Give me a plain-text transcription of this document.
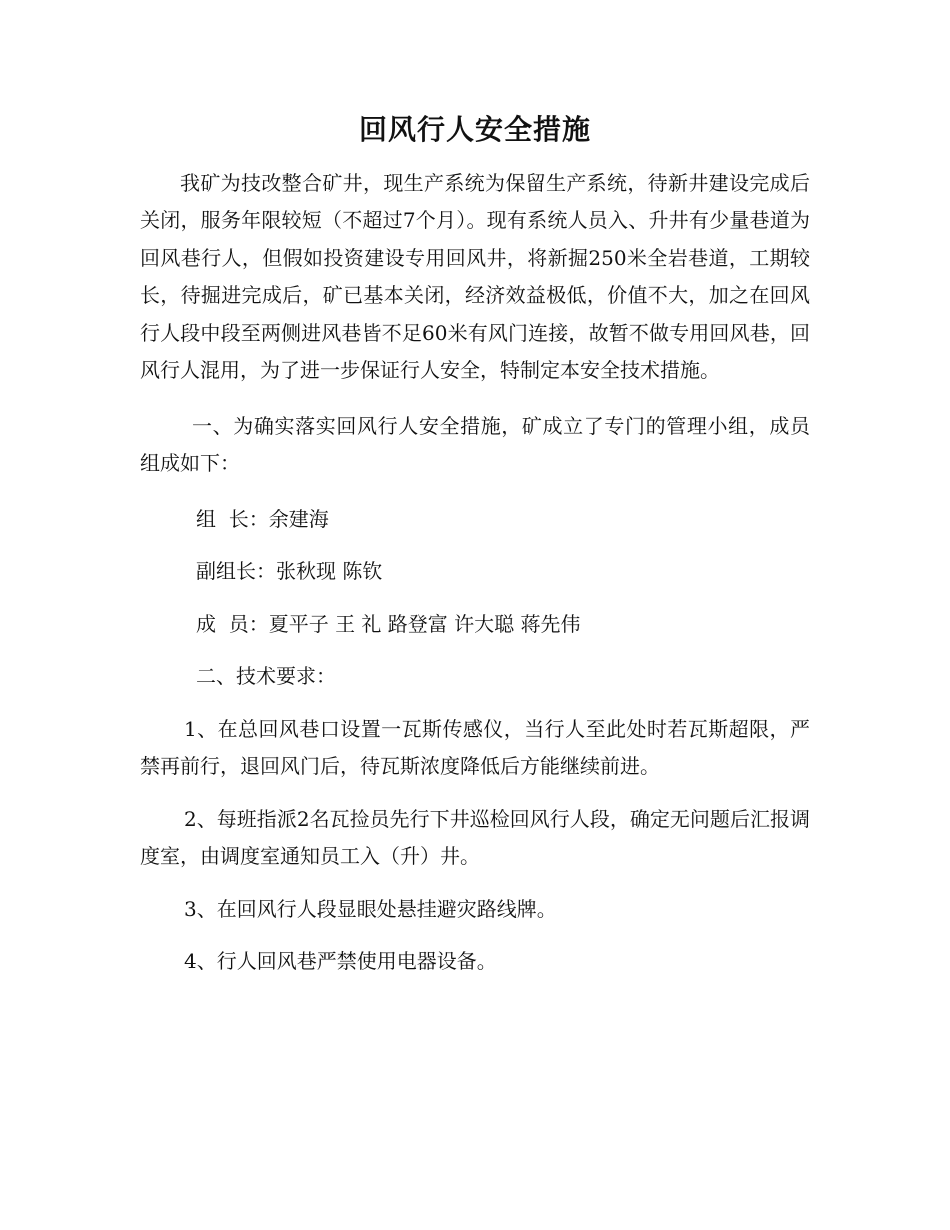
回风行人安全措施

我矿为技改整合矿井，现生产系统为保留生产系统，待新井建设完成后关闭，服务年限较短（不超过7个月）。现有系统人员入、升井有少量巷道为回风巷行人，但假如投资建设专用回风井，将新掘250米全岩巷道，工期较长，待掘进完成后，矿已基本关闭，经济效益极低，价值不大，加之在回风行人段中段至两侧进风巷皆不足60米有风门连接，故暂不做专用回风巷，回风行人混用，为了进一步保证行人安全，特制定本安全技术措施。

一、为确实落实回风行人安全措施，矿成立了专门的管理小组，成员组成如下：

组  长：余建海

副组长：张秋现 陈钦

成  员：夏平子 王 礼 路登富 许大聪 蒋先伟

二、技术要求：

1、在总回风巷口设置一瓦斯传感仪，当行人至此处时若瓦斯超限，严禁再前行，退回风门后，待瓦斯浓度降低后方能继续前进。

2、每班指派2名瓦捡员先行下井巡检回风行人段，确定无问题后汇报调度室，由调度室通知员工入（升）井。

3、在回风行人段显眼处悬挂避灾路线牌。

4、行人回风巷严禁使用电器设备。
